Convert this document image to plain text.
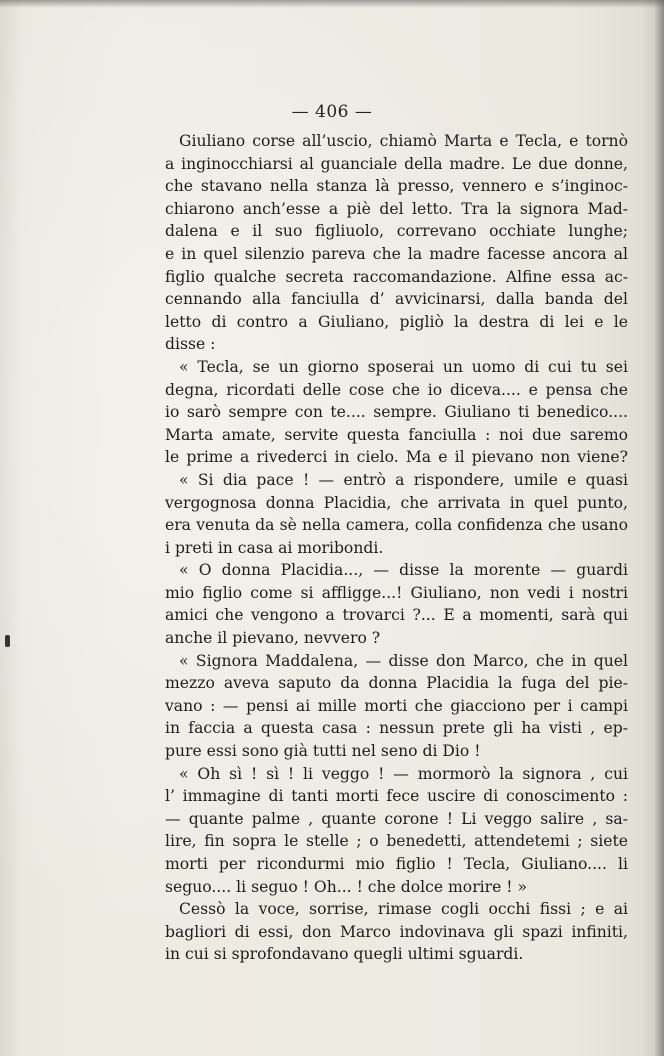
— 406 —
Giuliano corse all’uscio, chiamò Marta e Tecla, e tornò
a inginocchiarsi al guanciale della madre. Le due donne,
che stavano nella stanza là presso, vennero e s’inginoc-
chiarono anch’esse a piè del letto. Tra la signora Mad-
dalena e il suo figliuolo, correvano occhiate lunghe;
e in quel silenzio pareva che la madre facesse ancora al
figlio qualche secreta raccomandazione. Alfine essa ac-
cennando alla fanciulla d’ avvicinarsi, dalla banda del
letto di contro a Giuliano, pigliò la destra di lei e le
disse :
« Tecla, se un giorno sposerai un uomo di cui tu sei
degna, ricordati delle cose che io diceva.... e pensa che
io sarò sempre con te.... sempre. Giuliano ti benedico....
Marta amate, servite questa fanciulla : noi due saremo
le prime a rivederci in cielo. Ma e il pievano non viene?
« Si dia pace ! — entrò a rispondere, umile e quasi
vergognosa donna Placidia, che arrivata in quel punto,
era venuta da sè nella camera, colla confidenza che usano
i preti in casa ai moribondi.
« O donna Placidia..., — disse la morente — guardi
mio figlio come si affligge...! Giuliano, non vedi i nostri
amici che vengono a trovarci ?... E a momenti, sarà qui
anche il pievano, nevvero ?
« Signora Maddalena, — disse don Marco, che in quel
mezzo aveva saputo da donna Placidia la fuga del pie-
vano : — pensi ai mille morti che giacciono per i campi
in faccia a questa casa : nessun prete gli ha visti , ep-
pure essi sono già tutti nel seno di Dio !
« Oh sì ! sì ! li veggo ! — mormorò la signora , cui
l’ immagine di tanti morti fece uscire di conoscimento :
— quante palme , quante corone ! Li veggo salire , sa-
lire, fin sopra le stelle ; o benedetti, attendetemi ; siete
morti per ricondurmi mio figlio ! Tecla, Giuliano.... li
seguo.... li seguo ! Oh... ! che dolce morire ! »
Cessò la voce, sorrise, rimase cogli occhi fissi ; e ai
bagliori di essi, don Marco indovinava gli spazi infiniti,
in cui si sprofondavano quegli ultimi sguardi.
